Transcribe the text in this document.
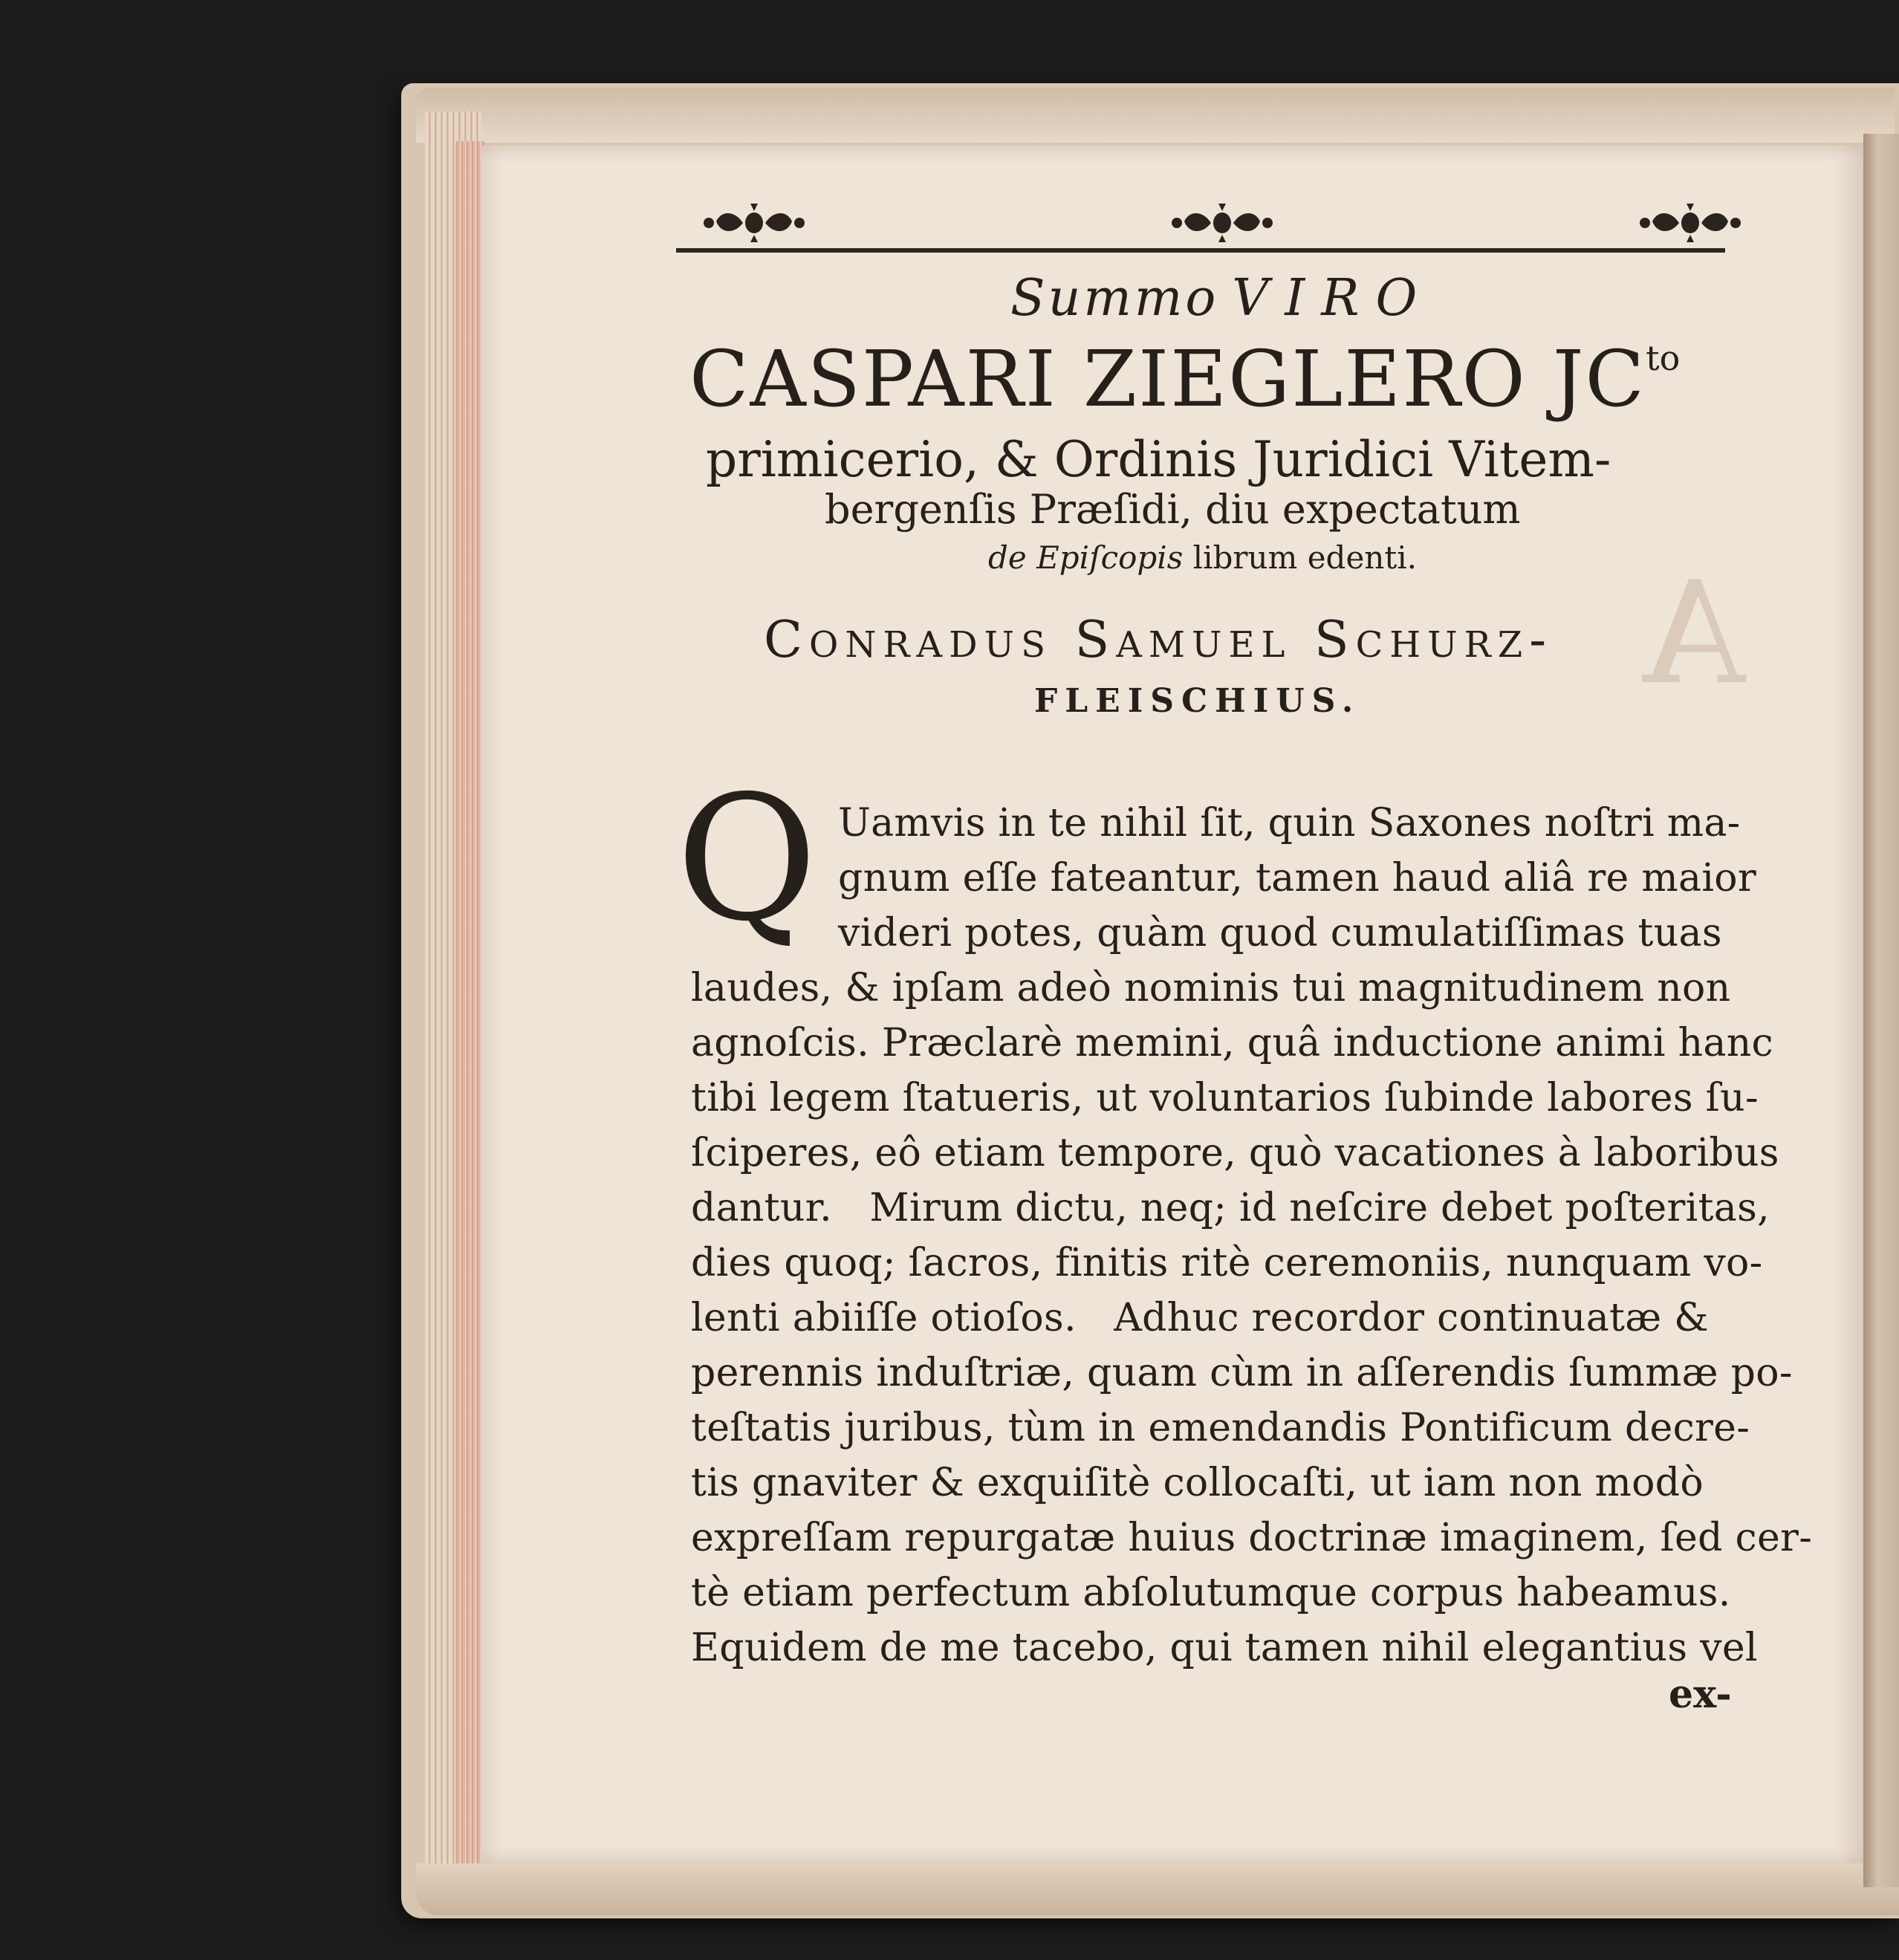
A
Summo VIRO
CASPARI ZIEGLERO $JC^{to}$
primicerio, & Ordinis Juridici Vitem-
bergenſis Præſidi, diu expectatum
de Epiſcopis librum edenti.
Conradus Samuel Schurz-
FLEISCHIUS.
Q Uamvis in te nihil ſit, quin Saxones noſtri ma-
gnum eſſe fateantur, tamen haud aliâ re maior
videri potes, quàm quod cumulatiſſimas tuas
laudes, & ipſam adeò nominis tui magnitudinem non
agnoſcis. Præclarè memini, quâ inductione animi hanc
tibi legem ſtatueris, ut voluntarios ſubinde labores ſu-
ſciperes, eô etiam tempore, quò vacationes à laboribus
dantur.   Mirum dictu, neq; id neſcire debet poſteritas,
dies quoq; ſacros, finitis ritè ceremoniis, nunquam vo-
lenti abiiſſe otioſos.   Adhuc recordor continuatæ &
perennis induſtriæ, quam cùm in aſſerendis ſummæ po-
teſtatis juribus, tùm in emendandis Pontificum decre-
tis gnaviter & exquiſitè collocaſti, ut iam non modò
expreſſam repurgatæ huius doctrinæ imaginem, ſed cer-
tè etiam perfectum abſolutumque corpus habeamus.
Equidem de me tacebo, qui tamen nihil elegantius vel
ex-
